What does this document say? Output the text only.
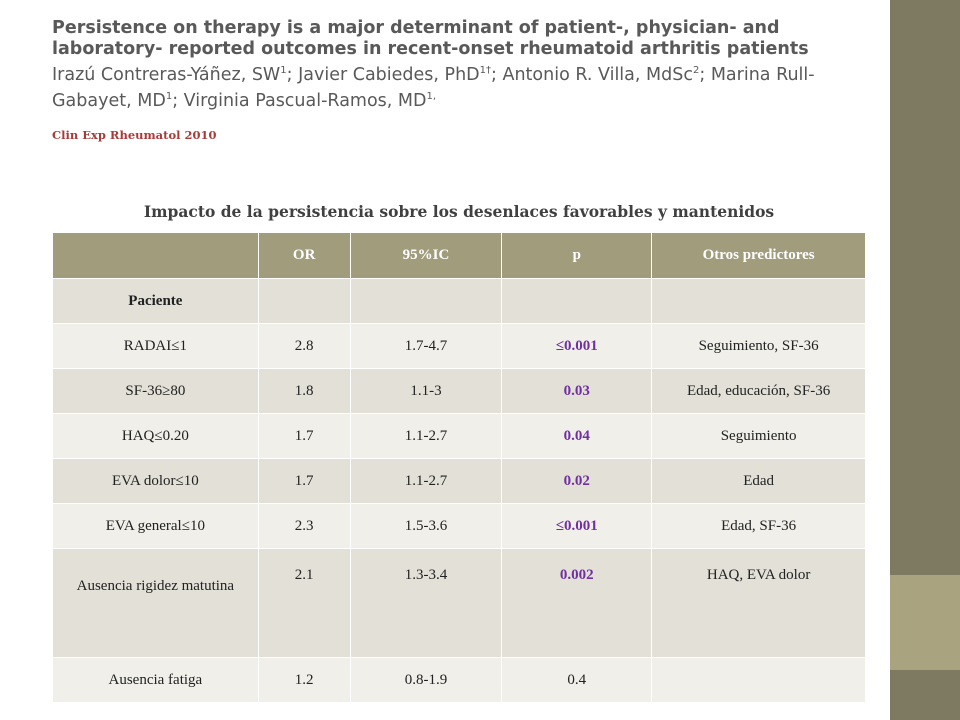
Persistence on therapy is a major determinant of patient-, physician- and laboratory- reported outcomes in recent-onset rheumatoid arthritis patients

Irazú Contreras-Yáñez, $SW^1$; Javier Cabiedes, PhD$^{1\dagger}$; Antonio R. Villa, MdSc$^2$; Marina Rull-Gabayet, $MD^1$; Virginia Pascual-Ramos, $MD^{1,}$

Clin Exp Rheumatol 2010
Impacto de la persistencia sobre los desenlaces favorables y mantenidos
	OR	95%IC	p	Otros predictores
Paciente				
RADAI≤1	2.8	1.7-4.7	≤0.001	Seguimiento, SF-36
SF-36≥80	1.8	1.1-3	0.03	Edad, educación, SF-36
HAQ≤0.20	1.7	1.1-2.7	0.04	Seguimiento
EVA dolor≤10	1.7	1.1-2.7	0.02	Edad
EVA general≤10	2.3	1.5-3.6	≤0.001	Edad, SF-36
Ausencia rigidez matutina	2.1	1.3-3.4	0.002	HAQ, EVA dolor
Ausencia fatiga	1.2	0.8-1.9	0.4	
